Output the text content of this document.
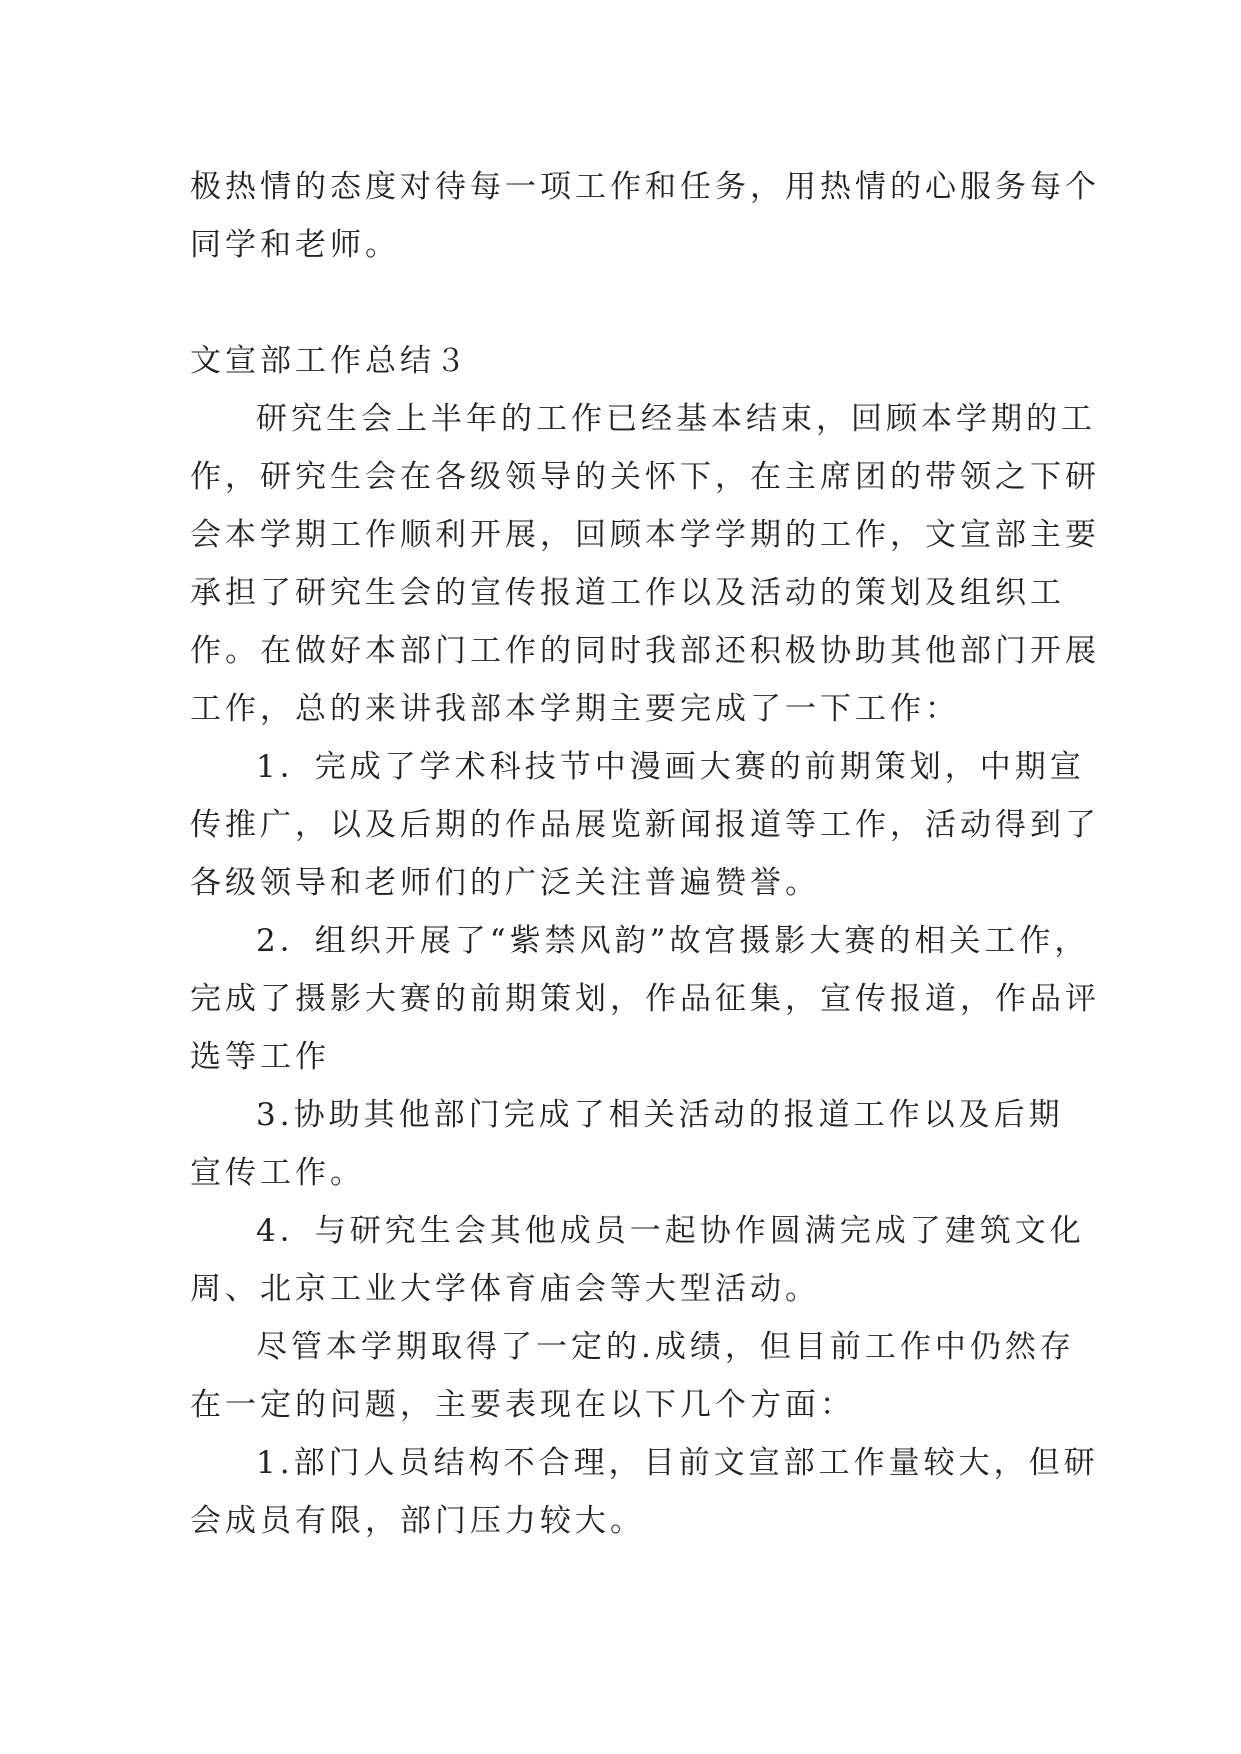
极热情的态度对待每一项工作和任务，用热情的心服务每个
同学和老师。
文宣部工作总结３
研究生会上半年的工作已经基本结束，回顾本学期的工
作，研究生会在各级领导的关怀下，在主席团的带领之下研
会本学期工作顺利开展，回顾本学学期的工作，文宣部主要
承担了研究生会的宣传报道工作以及活动的策划及组织工
作。在做好本部门工作的同时我部还积极协助其他部门开展
工作，总的来讲我部本学期主要完成了一下工作：
1．完成了学术科技节中漫画大赛的前期策划，中期宣
传推广，以及后期的作品展览新闻报道等工作，活动得到了
各级领导和老师们的广泛关注普遍赞誉。
2．组织开展了“紫禁风韵”故宫摄影大赛的相关工作，
完成了摄影大赛的前期策划，作品征集，宣传报道，作品评
选等工作
3.协助其他部门完成了相关活动的报道工作以及后期
宣传工作。
4．与研究生会其他成员一起协作圆满完成了建筑文化
周、北京工业大学体育庙会等大型活动。
尽管本学期取得了一定的.成绩，但目前工作中仍然存
在一定的问题，主要表现在以下几个方面：
1.部门人员结构不合理，目前文宣部工作量较大，但研
会成员有限，部门压力较大。
